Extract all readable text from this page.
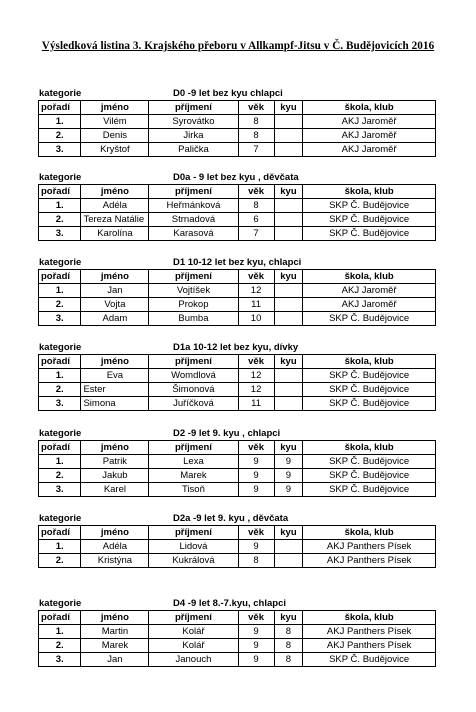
Výsledková listina 3. Krajského přeboru v Allkampf-Jitsu v Č. Budějovicích 2016
kategorie	D0 -9 let bez kyu chlapci
pořadí	jméno	příjmení	věk	kyu	škola, klub
1.	Vilém	Syrovátko	8		AKJ Jaroměř
2.	Denis	Jirka	8		AKJ Jaroměř
3.	Kryštof	Palička	7		AKJ Jaroměř
kategorie	D0a - 9 let bez kyu , děvčata
pořadí	jméno	příjmení	věk	kyu	škola, klub
1.	Adéla	Heřmánková	8		SKP Č. Budějovice
2.	Tereza Natálie	Strnadová	6		SKP Č. Budějovice
3.	Karolína	Karasová	7		SKP Č. Budějovice
kategorie	D1 10-12 let bez kyu, chlapci
pořadí	jméno	příjmení	věk	kyu	škola, klub
1.	Jan	Vojtíšek	12		AKJ Jaroměř
2.	Vojta	Prokop	11		AKJ Jaroměř
3.	Adam	Bumba	10		SKP Č. Budějovice
kategorie	D1a 10-12 let bez kyu, dívky
pořadí	jméno	příjmení	věk	kyu	škola, klub
1.	Eva	Womdlová	12		SKP Č. Budějovice
2.	Ester	Šimonová	12		SKP Č. Budějovice
3.	Simona	Juříčková	11		SKP Č. Budějovice
kategorie	D2 -9 let 9. kyu , chlapci
pořadí	jméno	příjmení	věk	kyu	škola, klub
1.	Patrik	Lexa	9	9	SKP Č. Budějovice
2.	Jakub	Marek	9	9	SKP Č. Budějovice
3.	Karel	Tisoň	9	9	SKP Č. Budějovice
kategorie	D2a -9 let 9. kyu , děvčata
pořadí	jméno	příjmení	věk	kyu	škola, klub
1.	Adéla	Lidová	9		AKJ Panthers Písek
2.	Kristýna	Kukrálová	8		AKJ Panthers Písek
kategorie	D4 -9 let 8.-7.kyu, chlapci
pořadí	jméno	příjmení	věk	kyu	škola, klub
1.	Martin	Kolář	9	8	AKJ Panthers Písek
2.	Marek	Kolář	9	8	AKJ Panthers Písek
3.	Jan	Janouch	9	8	SKP Č. Budějovice
